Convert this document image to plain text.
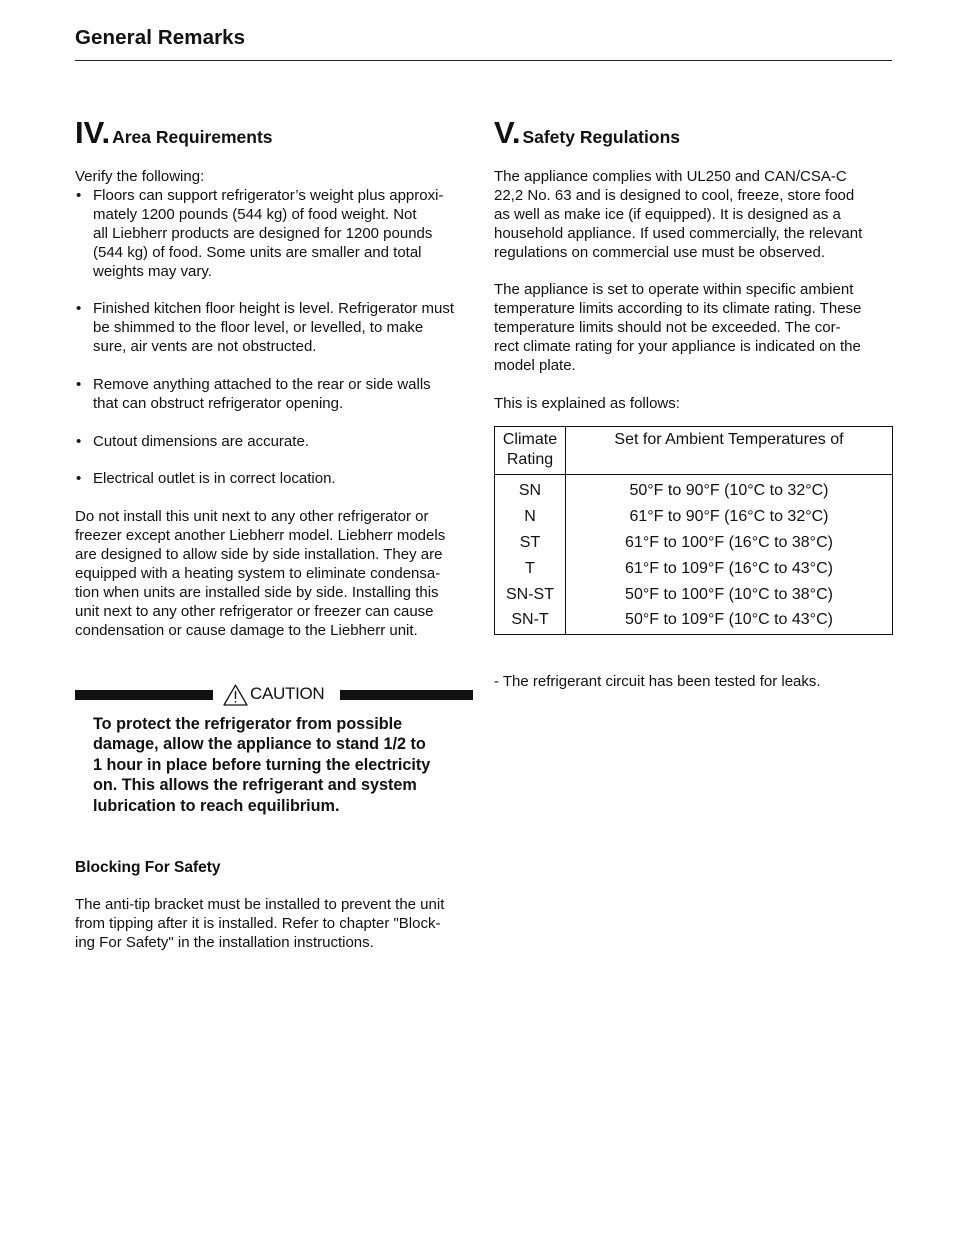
General Remarks
IV. Area Requirements

Verify the following:

• Floors can support refrigerator’s weight plus approxi-
mately 1200 pounds (544 kg) of food weight. Not
all Liebherr products are designed for 1200 pounds
(544 kg) of food. Some units are smaller and total
weights may vary.
• Finished kitchen floor height is level. Refrigerator must
be shimmed to the floor level, or levelled, to make
sure, air vents are not obstructed.
• Remove anything attached to the rear or side walls
that can obstruct refrigerator opening.
• Cutout dimensions are accurate.
• Electrical outlet is in correct location.

Do not install this unit next to any other refrigerator or
freezer except another Liebherr model. Liebherr models
are designed to allow side by side installation. They are
equipped with a heating system to eliminate condensa-
tion when units are installed side by side. Installing this
unit next to any other refrigerator or freezer can cause
condensation or cause damage to the Liebherr unit.

CAUTION

To protect the refrigerator from possible
damage, allow the appliance to stand 1/2 to
1 hour in place before turning the electricity
on. This allows the refrigerant and system
lubrication to reach equilibrium.

Blocking For Safety

The anti-tip bracket must be installed to prevent the unit
from tipping after it is installed. Refer to chapter "Block-
ing For Safety" in the installation instructions.

V. Safety Regulations

The appliance complies with UL250 and CAN/CSA-C
22,2 No. 63 and is designed to cool, freeze, store food
as well as make ice (if equipped). It is designed as a
household appliance. If used commercially, the relevant
regulations on commercial use must be observed.

The appliance is set to operate within specific ambient
temperature limits according to its climate rating. These
temperature limits should not be exceeded. The cor-
rect climate rating for your appliance is indicated on the
model plate.

This is explained as follows:

Climate
Rating	Set for Ambient Temperatures of
SN	50°F to 90°F (10°C to 32°C)
N	61°F to 90°F (16°C to 32°C)
ST	61°F to 100°F (16°C to 38°C)
T	61°F to 109°F (16°C to 43°C)
SN-ST	50°F to 100°F (10°C to 38°C)
SN-T	50°F to 109°F (10°C to 43°C)

- The refrigerant circuit has been tested for leaks.
